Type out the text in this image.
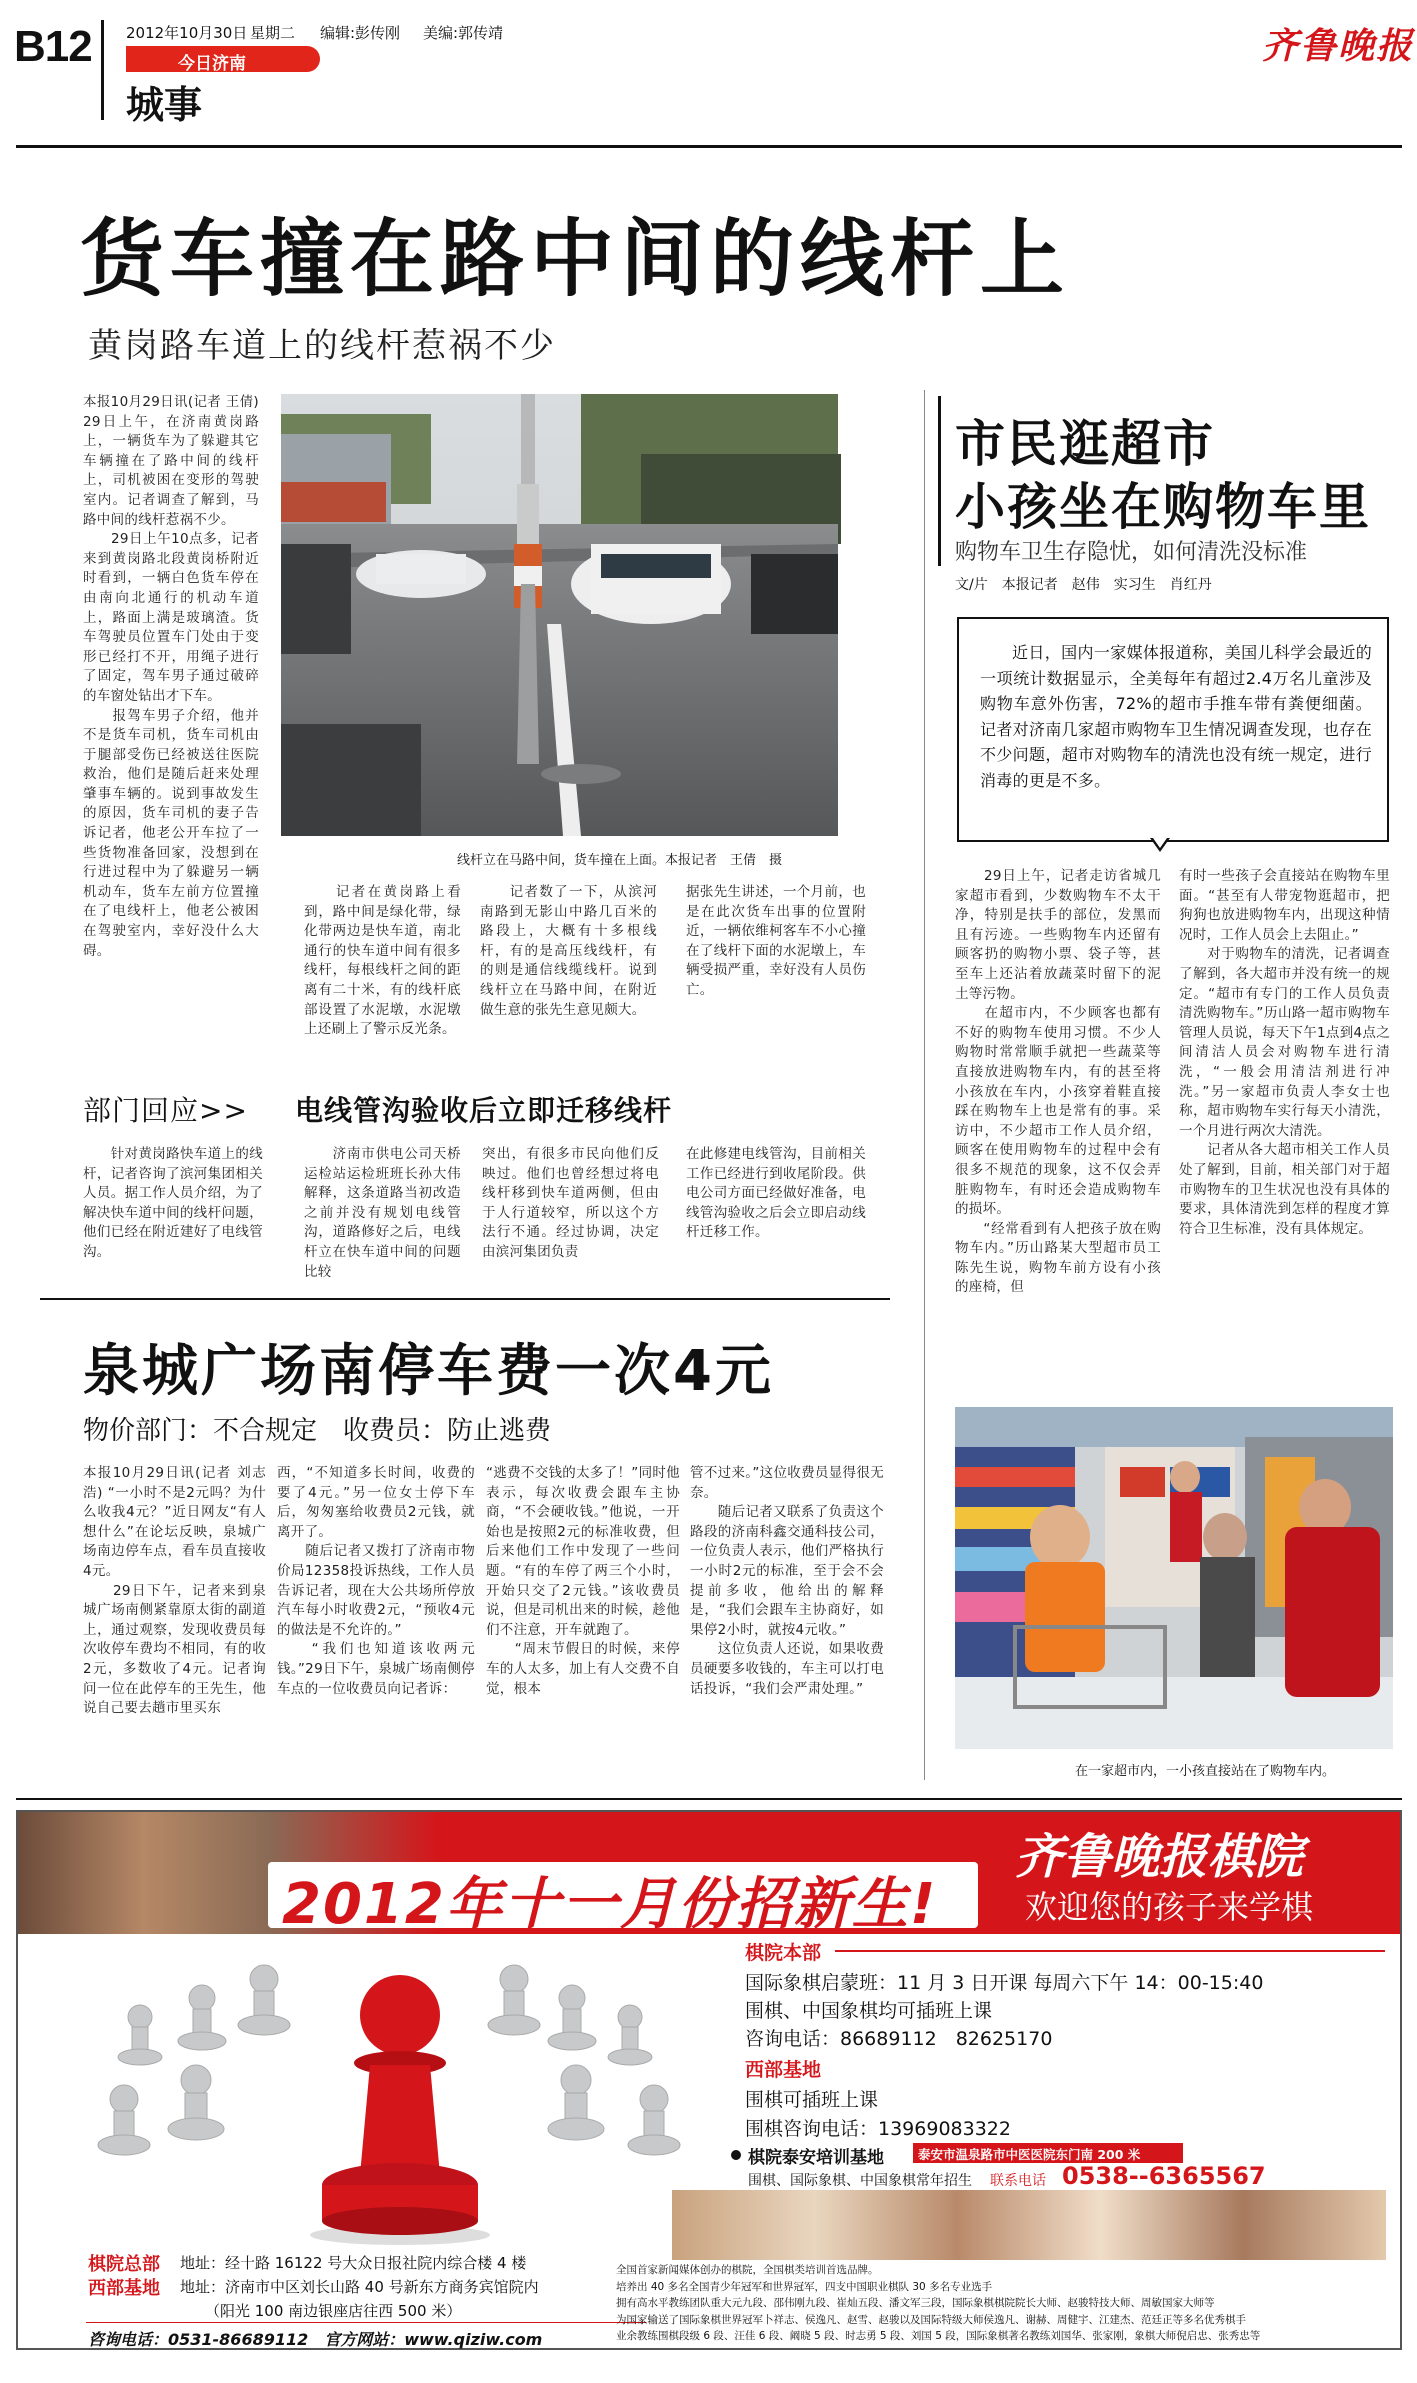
B12 2012年10月30日 星期二 编辑:彭传刚 美编:郭传靖
今日济南
城事
齐鲁晚报
货车撞在路中间的线杆上
黄岗路车道上的线杆惹祸不少
本报10月29日讯(记者 王倩) 29日上午，在济南黄岗路上，一辆货车为了躲避其它车辆撞在了路中间的线杆上，司机被困在变形的驾驶室内。记者调查了解到，马路中间的线杆惹祸不少。
　　29日上午10点多，记者来到黄岗路北段黄岗桥附近时看到，一辆白色货车停在由南向北通行的机动车道上，路面上满是玻璃渣。货车驾驶员位置车门处由于变形已经打不开，用绳子进行了固定，驾车男子通过破碎的车窗处钻出才下车。
　　报驾车男子介绍，他并不是货车司机，货车司机由于腿部受伤已经被送往医院救治，他们是随后赶来处理肇事车辆的。说到事故发生的原因，货车司机的妻子告诉记者，他老公开车拉了一些货物准备回家，没想到在行进过程中为了躲避另一辆机动车，货车左前方位置撞在了电线杆上，他老公被困在驾驶室内，幸好没什么大碍。
线杆立在马路中间，货车撞在上面。本报记者　王倩　摄
　　记者在黄岗路上看到，路中间是绿化带，绿化带两边是快车道，南北通行的快车道中间有很多线杆，每根线杆之间的距离有二十米，有的线杆底部设置了水泥墩，水泥墩上还刷上了警示反光条。
　　记者数了一下，从滨河南路到无影山中路几百米的路段上，大概有十多根线杆，有的是高压线线杆，有的则是通信线缆线杆。说到线杆立在马路中间，在附近做生意的张先生意见颇大。
据张先生讲述，一个月前，也是在此次货车出事的位置附近，一辆依维柯客车不小心撞在了线杆下面的水泥墩上，车辆受损严重，幸好没有人员伤亡。
部门回应>> 电线管沟验收后立即迁移线杆
　　针对黄岗路快车道上的线杆，记者咨询了滨河集团相关人员。据工作人员介绍，为了解决快车道中间的线杆问题，他们已经在附近建好了电线管沟。
　　济南市供电公司天桥运检站运检班班长孙大伟解释，这条道路当初改造之前并没有规划电线管沟，道路修好之后，电线杆立在快车道中间的问题比较
突出，有很多市民向他们反映过。他们也曾经想过将电线杆移到快车道两侧，但由于人行道较窄，所以这个方法行不通。经过协调，决定由滨河集团负责
在此修建电线管沟，目前相关工作已经进行到收尾阶段。供电公司方面已经做好准备，电线管沟验收之后会立即启动线杆迁移工作。
泉城广场南停车费一次4元
物价部门：不合规定　收费员：防止逃费
本报10月29日讯(记者 刘志浩) “一小时不是2元吗？为什么收我4元？”近日网友“有人想什么”在论坛反映，泉城广场南边停车点，看车员直接收4元。
　　29日下午，记者来到泉城广场南侧紧靠原太街的副道上，通过观察，发现收费员每次收停车费均不相同，有的收2元，多数收了4元。记者询问一位在此停车的王先生，他说自己要去趟市里买东
西，“不知道多长时间，收费的要了4元。”另一位女士停下车后，匆匆塞给收费员2元钱，就离开了。
　　随后记者又拨打了济南市物价局12358投诉热线，工作人员告诉记者，现在大公共场所停放汽车每小时收费2元，“预收4元的做法是不允许的。”
　　“我们也知道该收两元钱。”29日下午，泉城广场南侧停车点的一位收费员向记者诉：
“逃费不交钱的太多了！”同时他表示，每次收费会跟车主协商，“不会硬收钱。”他说，一开始也是按照2元的标准收费，但后来他们工作中发现了一些问题。“有的车停了两三个小时，开始只交了2元钱。”该收费员说，但是司机出来的时候，趁他们不注意，开车就跑了。
　　“周末节假日的时候，来停车的人太多，加上有人交费不自觉，根本
管不过来。”这位收费员显得很无奈。
　　随后记者又联系了负责这个路段的济南科鑫交通科技公司，一位负责人表示，他们严格执行一小时2元的标准，至于会不会提前多收，他给出的解释是，“我们会跟车主协商好，如果停2小时，就按4元收。”
　　这位负责人还说，如果收费员硬要多收钱的，车主可以打电话投诉，“我们会严肃处理。”
市民逛超市
小孩坐在购物车里
购物车卫生存隐忧，如何清洗没标准
文/片　本报记者　赵伟　实习生　肖红丹
近日，国内一家媒体报道称，美国儿科学会最近的一项统计数据显示，全美每年有超过2.4万名儿童涉及购物车意外伤害，72%的超市手推车带有粪便细菌。记者对济南几家超市购物车卫生情况调查发现，也存在不少问题，超市对购物车的清洗也没有统一规定，进行消毒的更是不多。
　　29日上午，记者走访省城几家超市看到，少数购物车不太干净，特别是扶手的部位，发黑而且有污迹。一些购物车内还留有顾客扔的购物小票、袋子等，甚至车上还沾着放蔬菜时留下的泥土等污物。
　　在超市内，不少顾客也都有不好的购物车使用习惯。不少人购物时常常顺手就把一些蔬菜等直接放进购物车内，有的甚至将小孩放在车内，小孩穿着鞋直接踩在购物车上也是常有的事。采访中，不少超市工作人员介绍，顾客在使用购物车的过程中会有很多不规范的现象，这不仅会弄脏购物车，有时还会造成购物车的损坏。
　　“经常看到有人把孩子放在购物车内。”历山路某大型超市员工陈先生说，购物车前方设有小孩的座椅，但
有时一些孩子会直接站在购物车里面。“甚至有人带宠物逛超市，把狗狗也放进购物车内，出现这种情况时，工作人员会上去阻止。”
　　对于购物车的清洗，记者调查了解到，各大超市并没有统一的规定。“超市有专门的工作人员负责清洗购物车。”历山路一超市购物车管理人员说，每天下午1点到4点之间清洁人员会对购物车进行清洗，“一般会用清洁剂进行冲洗。”另一家超市负责人李女士也称，超市购物车实行每天小清洗，一个月进行两次大清洗。
　　记者从各大超市相关工作人员处了解到，目前，相关部门对于超市购物车的卫生状况也没有具体的要求，具体清洗到怎样的程度才算符合卫生标准，没有具体规定。
在一家超市内，一小孩直接站在了购物车内。
2012年十一月份招新生!
齐鲁晚报棋院
欢迎您的孩子来学棋
棋院本部
国际象棋启蒙班：11 月 3 日开课 每周六下午 14：00-15:40
围棋、中国象棋均可插班上课
咨询电话：86689112　82625170
西部基地
围棋可插班上课
围棋咨询电话：13969083322
棋院泰安培训基地	泰安市温泉路市中医医院东门南 200 米
围棋、国际象棋、中国象棋常年招生 联系电话 0538--6365567
棋院总部
西部基地
地址：经十路 16122 号大众日报社院内综合楼 4 楼
地址：济南市中区刘长山路 40 号新东方商务宾馆院内
（阳光 100 南边银座店往西 500 米）
咨询电话：0531-86689112　官方网站：www.qiziw.com
全国首家新闻媒体创办的棋院，全国棋类培训首选品牌。
培养出 40 多名全国青少年冠军和世界冠军，四支中国职业棋队 30 多名专业选手
拥有高水平教练团队重大元九段、邵伟刚九段、崔灿五段、潘文军三段，国际象棋棋院院长大师、赵骏特技大师、周敏国家大师等
为国家输送了国际象棋世界冠军卜祥志、侯逸凡、赵雪、赵骏以及国际特级大师侯逸凡、谢赫、周健宇、江建杰、范廷正等多名优秀棋手
业余教练围棋段级 6 段、汪佳 6 段、阚晓 5 段、时志勇 5 段、刘国 5 段，国际象棋著名教练刘国华、张家刚，象棋大师倪启忠、张秀忠等
